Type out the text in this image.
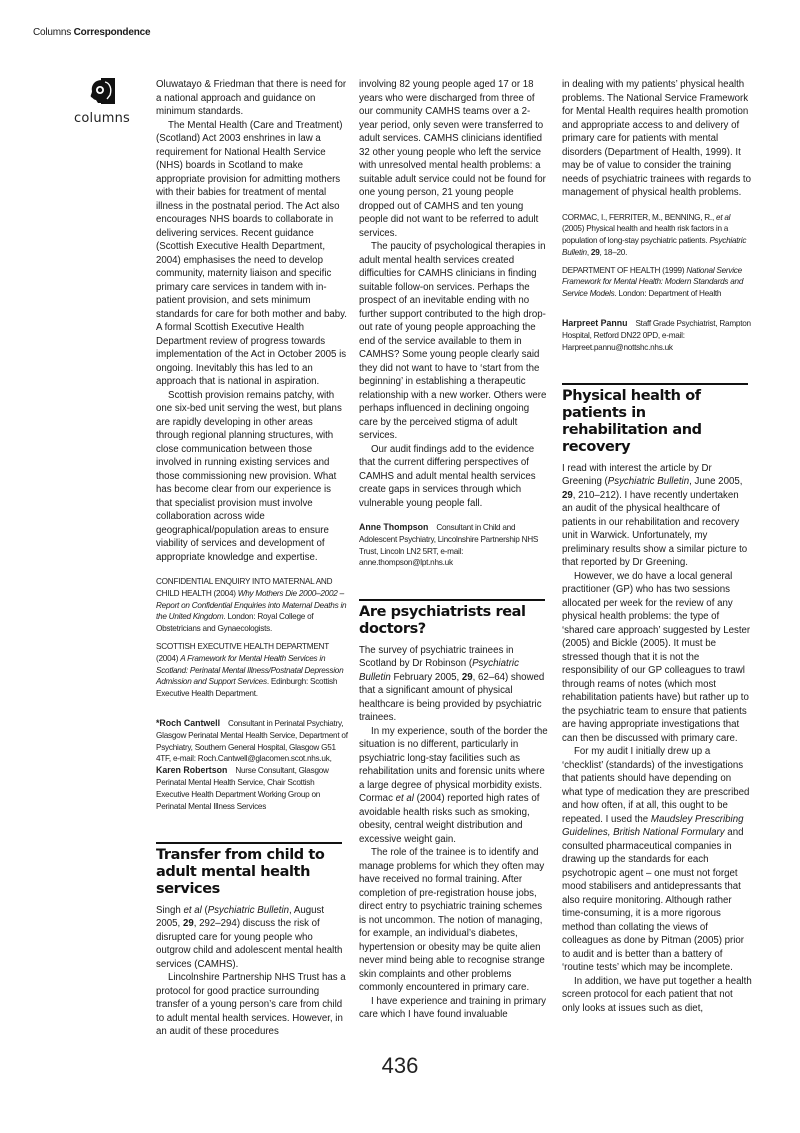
Columns Correspondence
columns

Oluwatayo & Friedman that there is need for a national approach and guidance on minimum standards.

The Mental Health (Care and Treatment) (Scotland) Act 2003 enshrines in law a requirement for National Health Service (NHS) boards in Scotland to make appropriate provision for admitting mothers with their babies for treatment of mental illness in the postnatal period. The Act also encourages NHS boards to collaborate in delivering services. Recent guidance (Scottish Executive Health Department, 2004) emphasises the need to develop community, maternity liaison and specific primary care services in tandem with in-patient provision, and sets minimum standards for care for both mother and baby. A formal Scottish Executive Health Department review of progress towards implementation of the Act in October 2005 is ongoing. Inevitably this has led to an approach that is national in aspiration.

Scottish provision remains patchy, with one six-bed unit serving the west, but plans are rapidly developing in other areas through regional planning structures, with close communication between those involved in running existing services and those commissioning new provision. What has become clear from our experience is that specialist provision must involve collaboration across wide geographical/population areas to ensure viability of services and development of appropriate knowledge and expertise.

CONFIDENTIAL ENQUIRY INTO MATERNAL AND CHILD HEALTH (2004) Why Mothers Die 2000–2002 – Report on Confidential Enquiries into Maternal Deaths in the United Kingdom. London: Royal College of Obstetricians and Gynaecologists.

SCOTTISH EXECUTIVE HEALTH DEPARTMENT (2004) A Framework for Mental Health Services in Scotland: Perinatal Mental Illness/Postnatal Depression Admission and Support Services. Edinburgh: Scottish Executive Health Department.

*Roch Cantwell Consultant in Perinatal Psychiatry, Glasgow Perinatal Mental Health Service, Department of Psychiatry, Southern General Hospital, Glasgow G51 4TF, e-mail: Roch.Cantwell@glacomen.scot.nhs.uk,  Karen Robertson Nurse Consultant, Glasgow Perinatal Mental Health Service, Chair Scottish Executive Health Department Working Group on Perinatal Mental Illness Services

Transfer from child to adult mental health services

Singh et al (Psychiatric Bulletin, August 2005, 29, 292–294) discuss the risk of disrupted care for young people who outgrow child and adolescent mental health services (CAMHS).

Lincolnshire Partnership NHS Trust has a protocol for good practice surrounding transfer of a young person’s care from child to adult mental health services. However, in an audit of these procedures

involving 82 young people aged 17 or 18 years who were discharged from three of our community CAMHS teams over a 2-year period, only seven were transferred to adult services. CAMHS clinicians identified 32 other young people who left the service with unresolved mental health problems: a suitable adult service could not be found for one young person, 21 young people dropped out of CAMHS and ten young people did not want to be referred to adult services.

The paucity of psychological therapies in adult mental health services created difficulties for CAMHS clinicians in finding suitable follow-on services. Perhaps the prospect of an inevitable ending with no further support contributed to the high drop-out rate of young people approaching the end of the service available to them in CAMHS? Some young people clearly said they did not want to have to ‘start from the beginning’ in establishing a therapeutic relationship with a new worker. Others were perhaps influenced in declining ongoing care by the perceived stigma of adult services.

Our audit findings add to the evidence that the current differing perspectives of CAMHS and adult mental health services create gaps in services through which vulnerable young people fall.

Anne Thompson Consultant in Child and Adolescent Psychiatry, Lincolnshire Partnership NHS Trust, Lincoln LN2 5RT, e-mail: anne.thompson@lpt.nhs.uk

Are psychiatrists real doctors?

The survey of psychiatric trainees in Scotland by Dr Robinson (Psychiatric Bulletin February 2005, 29, 62–64) showed that a significant amount of physical healthcare is being provided by psychiatric trainees.

In my experience, south of the border the situation is no different, particularly in psychiatric long-stay facilities such as rehabilitation units and forensic units where a large degree of physical morbidity exists. Cormac et al (2004) reported high rates of avoidable health risks such as smoking, obesity, central weight distribution and excessive weight gain.

The role of the trainee is to identify and manage problems for which they often may have received no formal training. After completion of pre-registration house jobs, direct entry to psychiatric training schemes is not uncommon. The notion of managing, for example, an individual’s diabetes, hypertension or obesity may be quite alien never mind being able to recognise strange skin complaints and other problems commonly encountered in primary care.

I have experience and training in primary care which I have found invaluable

in dealing with my patients’ physical health problems. The National Service Framework for Mental Health requires health promotion and appropriate access to and delivery of primary care for patients with mental disorders (Department of Health, 1999). It may be of value to consider the training needs of psychiatric trainees with regards to management of physical health problems.

CORMAC, I., FERRITER, M., BENNING, R., et al (2005) Physical health and health risk factors in a population of long-stay psychiatric patients. Psychiatric Bulletin, 29, 18–20.

DEPARTMENT OF HEALTH (1999) National Service Framework for Mental Health: Modern Standards and Service Models. London: Department of Health

Harpreet Pannu Staff Grade Psychiatrist, Rampton Hospital, Retford DN22 0PD, e-mail: Harpreet.pannu@nottshc.nhs.uk

Physical health of patients in rehabilitation and recovery

I read with interest the article by Dr Greening (Psychiatric Bulletin, June 2005, 29, 210–212). I have recently undertaken an audit of the physical healthcare of patients in our rehabilitation and recovery unit in Warwick. Unfortunately, my preliminary results show a similar picture to that reported by Dr Greening.

However, we do have a local general practitioner (GP) who has two sessions allocated per week for the review of any physical health problems: the type of ‘shared care approach’ suggested by Lester (2005) and Bickle (2005). It must be stressed though that it is not the responsibility of our GP colleagues to trawl through reams of notes (which most rehabilitation patients have) but rather up to the psychiatric team to ensure that patients are having appropriate investigations that can then be discussed with primary care.

For my audit I initially drew up a ‘checklist’ (standards) of the investigations that patients should have depending on what type of medication they are prescribed and how often, if at all, this ought to be repeated. I used the Maudsley Prescribing Guidelines, British National Formulary and consulted pharmaceutical companies in drawing up the standards for each psychotropic agent – one must not forget mood stabilisers and antidepressants that also require monitoring. Although rather time-consuming, it is a more rigorous method than collating the views of colleagues as done by Pitman (2005) prior to audit and is better than a battery of ‘routine tests’ which may be incomplete.

In addition, we have put together a health screen protocol for each patient that not only looks at issues such as diet,

436
